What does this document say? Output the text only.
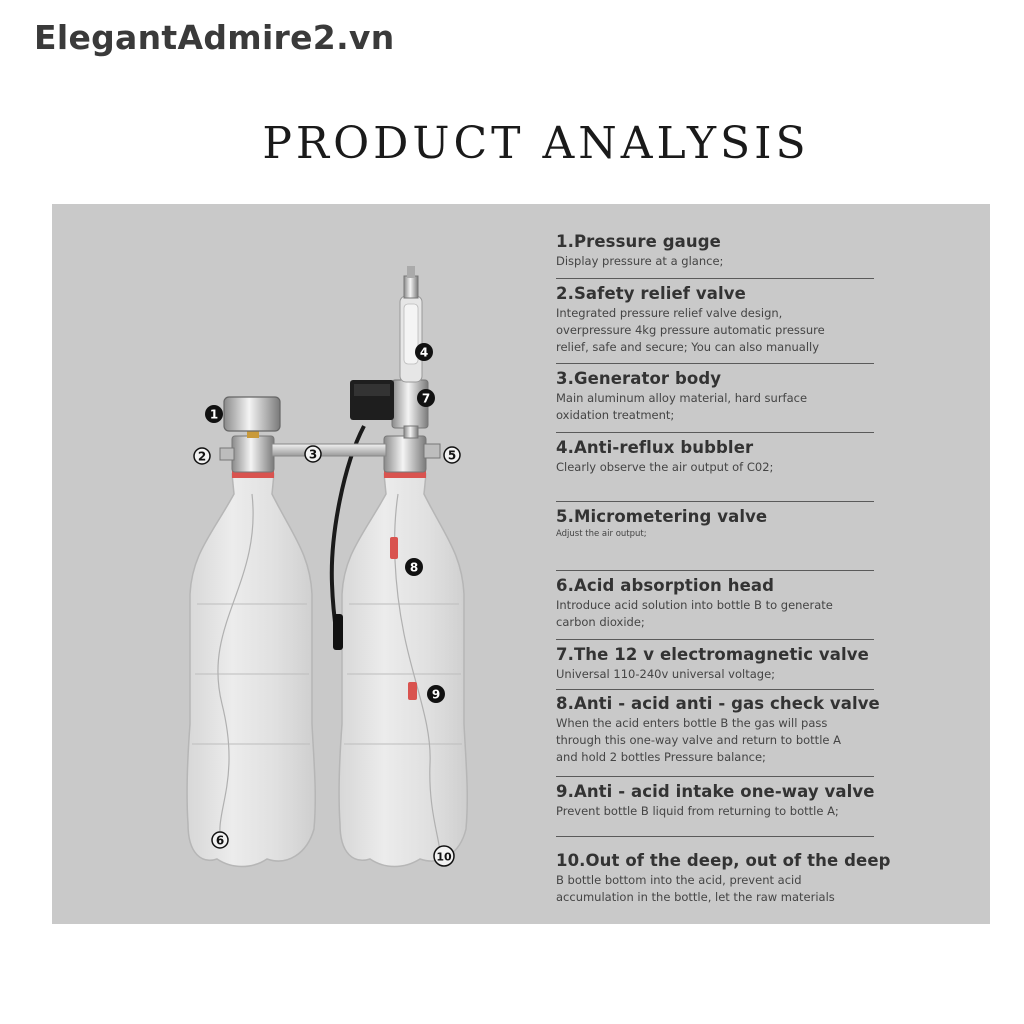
ElegantAdmire2.vn
PRODUCT ANALYSIS
1
2	3
4
5
6
7
8
9
10
1.Pressure gauge
Display pressure at a glance;
2.Safety relief valve
Integrated pressure relief valve design,
overpressure 4kg pressure automatic pressure
relief, safe and secure; You can also manually
3.Generator body
Main aluminum alloy material, hard surface
oxidation treatment;
4.Anti-reflux bubbler
Clearly observe the air output of C02;
5.Micrometering valve
Adjust the air output;
6.Acid absorption head
Introduce acid solution into bottle B to generate
carbon dioxide;
7.The 12 v electromagnetic valve
Universal 110-240v universal voltage;
8.Anti - acid anti - gas check valve
When the acid enters bottle B the gas will pass
through this one-way valve and return to bottle A
and hold 2 bottles Pressure balance;
9.Anti - acid intake one-way valve
Prevent bottle B liquid from returning to bottle A;
10.Out of the deep, out of the deep
B bottle bottom into the acid, prevent acid
accumulation in the bottle, let the raw materials
